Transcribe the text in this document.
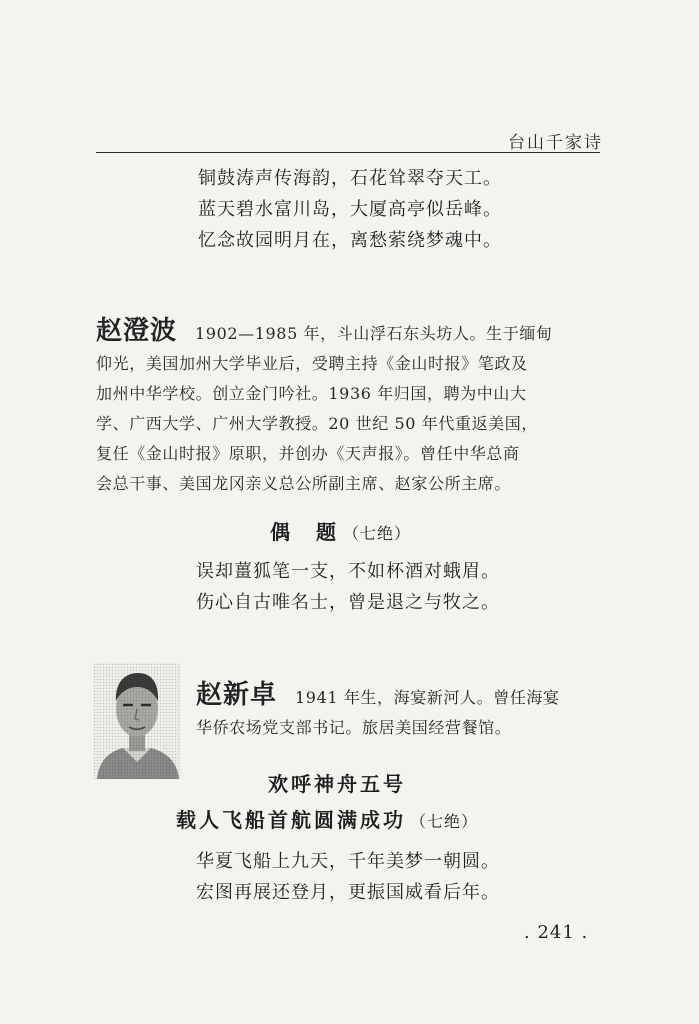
台山千家诗
铜鼓涛声传海韵，石花耸翠夺天工。
蓝天碧水富川岛，大厦高亭似岳峰。
忆念故园明月在，离愁萦绕梦魂中。
赵澄波 1902—1985 年，斗山浮石东头坊人。生于缅甸
仰光，美国加州大学毕业后，受聘主持《金山时报》笔政及
加州中华学校。创立金门吟社。1936 年归国，聘为中山大
学、广西大学、广州大学教授。20 世纪 50 年代重返美国，
复任《金山时报》原职，并创办《天声报》。曾任中华总商
会总干事、美国龙冈亲义总公所副主席、赵家公所主席。
偶　题 （七绝）
误却薑狐笔一支，不如杯酒对蛾眉。
伤心自古唯名士，曾是退之与牧之。
赵新卓 1941 年生，海宴新河人。曾任海宴
华侨农场党支部书记。旅居美国经营餐馆。
欢呼神舟五号
载人飞船首航圆满成功 （七绝）
华夏飞船上九天，千年美梦一朝圆。
宏图再展还登月，更振国威看后年。
. 241 .
